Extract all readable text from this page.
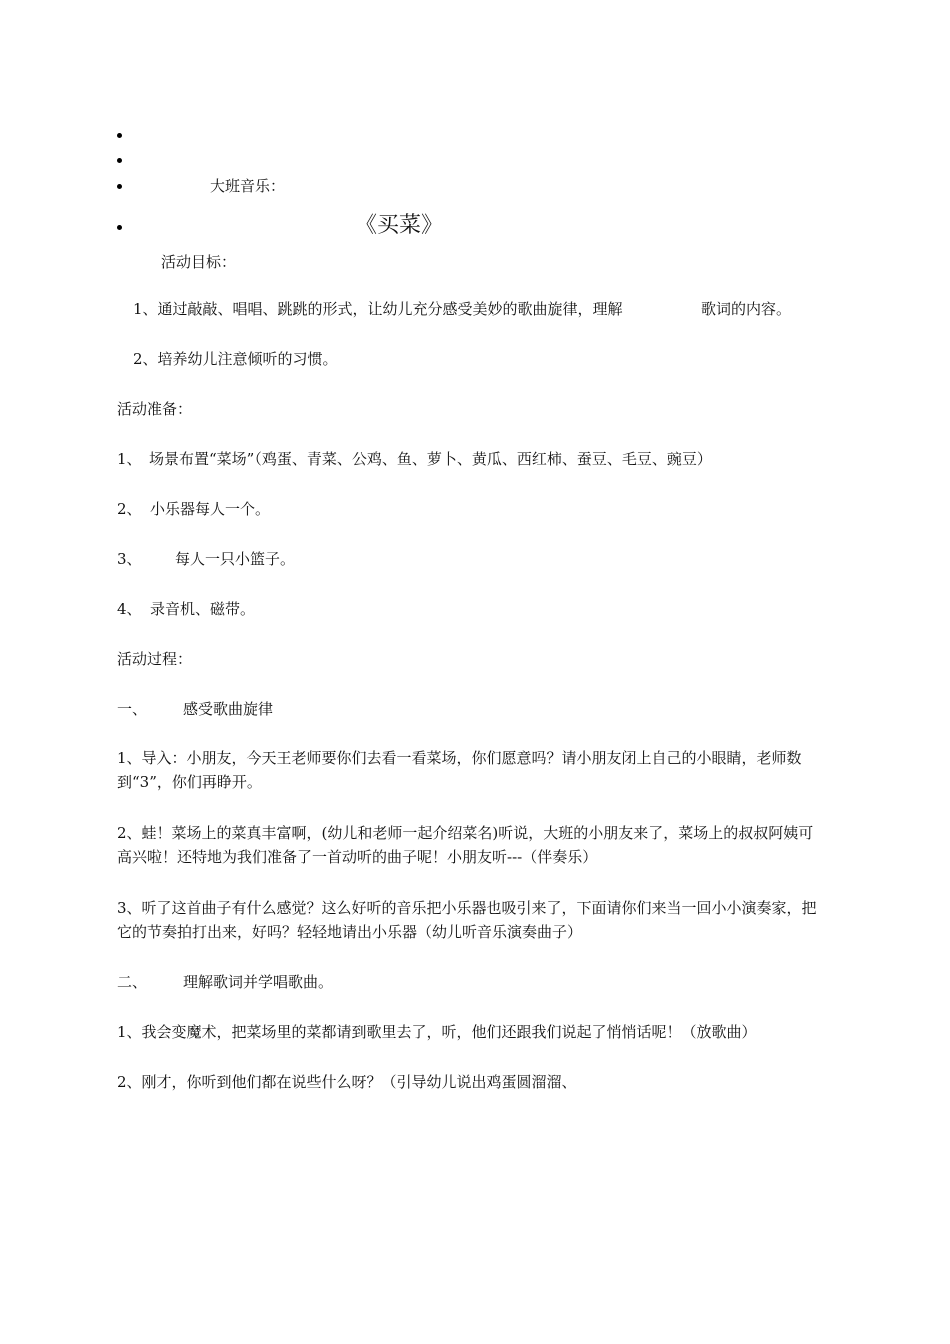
大班音乐：
《买菜》
活动目标：
1、通过敲敲、唱唱、跳跳的形式，让幼儿充分感受美妙的歌曲旋律，理解	歌词的内容。
2、培养幼儿注意倾听的习惯。
活动准备：
1、 场景布置“菜场”（鸡蛋、青菜、公鸡、鱼、萝卜、黄瓜、西红柿、蚕豆、毛豆、豌豆）
2、 小乐器每人一个。
3、 每人一只小篮子。
4、 录音机、磁带。
活动过程：
一、 感受歌曲旋律
1、导入：小朋友，今天王老师要你们去看一看菜场，你们愿意吗？请小朋友闭上自己的小眼睛，老师数到“3”，你们再睁开。
2、蛙！菜场上的菜真丰富啊，(幼儿和老师一起介绍菜名)听说，大班的小朋友来了，菜场上的叔叔阿姨可高兴啦！还特地为我们准备了一首动听的曲子呢！小朋友听---（伴奏乐）
3、听了这首曲子有什么感觉？这么好听的音乐把小乐器也吸引来了，下面请你们来当一回小小演奏家，把它的节奏拍打出来，好吗？轻轻地请出小乐器（幼儿听音乐演奏曲子）
二、 理解歌词并学唱歌曲。
1、我会变魔术，把菜场里的菜都请到歌里去了，听，他们还跟我们说起了悄悄话呢！（放歌曲）
2、刚才，你听到他们都在说些什么呀？（引导幼儿说出鸡蛋圆溜溜、
